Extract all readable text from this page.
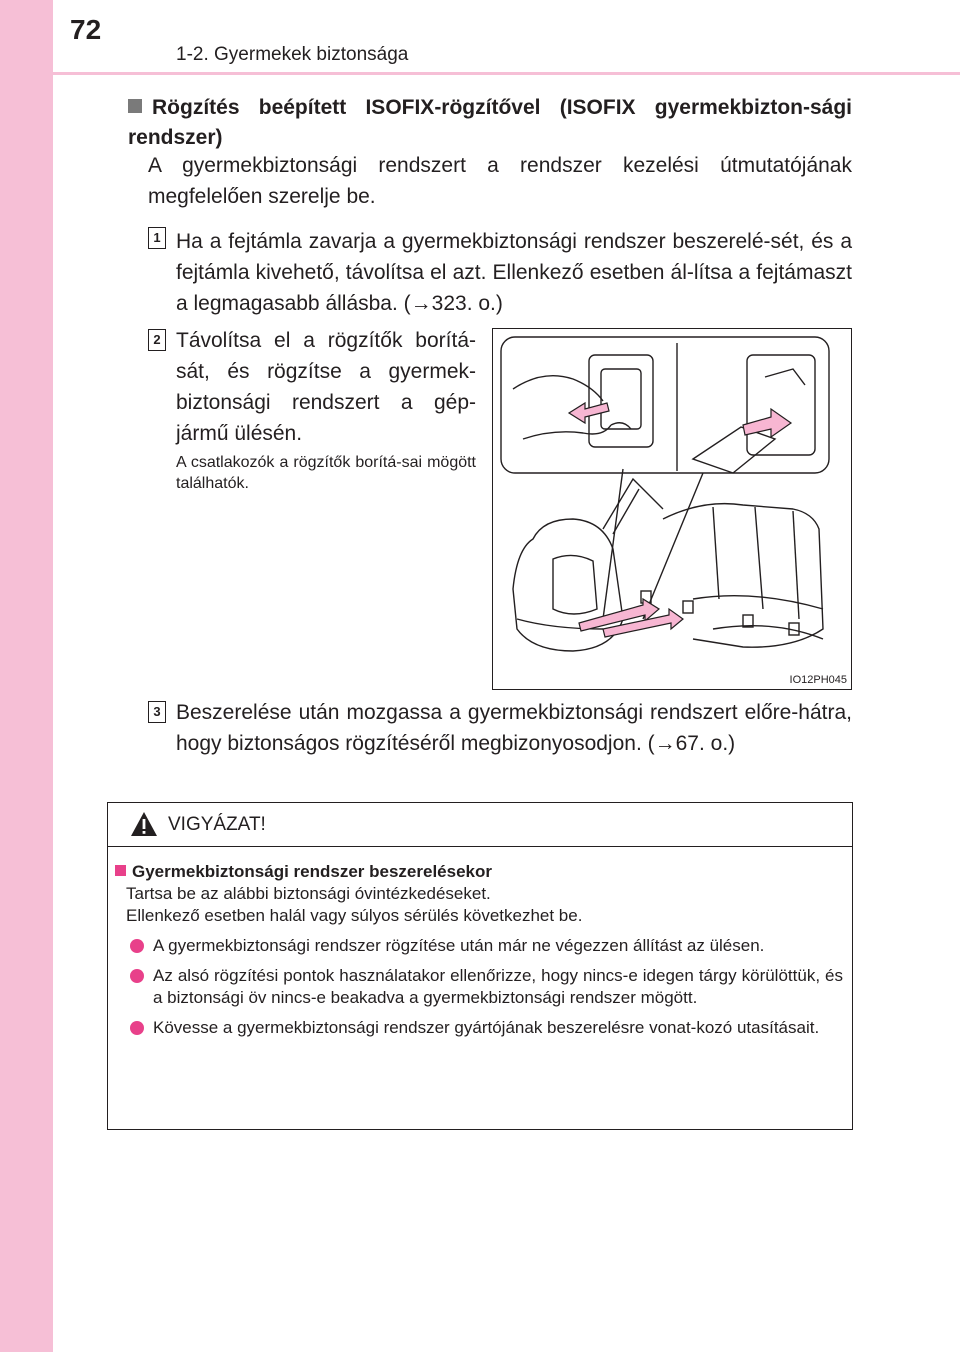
72
1-2. Gyermekek biztonsága
Rögzítés beépített ISOFIX-rögzítővel (ISOFIX gyermekbizton-sági rendszer)
A gyermekbiztonsági rendszert a rendszer kezelési útmutatójának megfelelően szerelje be.
1 Ha a fejtámla zavarja a gyermekbiztonsági rendszer beszerelé-sét, és a fejtámla kivehető, távolítsa el azt. Ellenkező esetben ál-lítsa a fejtámaszt a legmagasabb állásba. (→323. o.)
2 Távolítsa el a rögzítők borítá-sát, és rögzítse a gyermek-biztonsági rendszert a gép-jármű ülésén.
A csatlakozók a rögzítők borítá-sai mögött találhatók.
IO12PH045
3 Beszerelése után mozgassa a gyermekbiztonsági rendszert előre-hátra, hogy biztonságos rögzítéséről megbizonyosodjon. (→67. o.)
VIGYÁZAT!
Gyermekbiztonsági rendszer beszerelésekor
Tartsa be az alábbi biztonsági óvintézkedéseket.
Ellenkező esetben halál vagy súlyos sérülés következhet be.
A gyermekbiztonsági rendszer rögzítése után már ne végezzen állítást az ülésen.
Az alsó rögzítési pontok használatakor ellenőrizze, hogy nincs-e idegen tárgy körülöttük, és a biztonsági öv nincs-e beakadva a gyermekbiztonsági rendszer mögött.
Kövesse a gyermekbiztonsági rendszer gyártójának beszerelésre vonat-kozó utasításait.
